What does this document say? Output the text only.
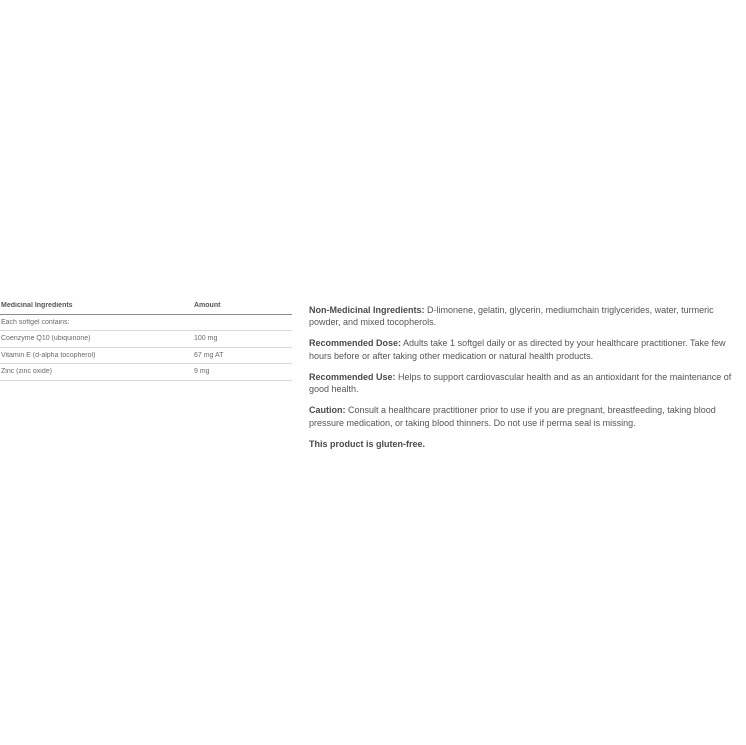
Medicinal Ingredients	Amount
Each softgel contains:
Coenzyme Q10 (ubiquinone)	100 mg
Vitamin E (d-alpha tocopherol)	67 mg AT
Zinc (zinc oxide)	9 mg

Non-Medicinal Ingredients: D-limonene, gelatin, glycerin, mediumchain triglycerides, water, turmeric powder, and mixed tocopherols.

Recommended Dose: Adults take 1 softgel daily or as directed by your healthcare practitioner. Take few hours before or after taking other medication or natural health products.

Recommended Use: Helps to support cardiovascular health and as an antioxidant for the maintenance of good health.

Caution: Consult a healthcare practitioner prior to use if you are pregnant, breastfeeding, taking blood pressure medication, or taking blood thinners. Do not use if perma seal is missing.

This product is gluten-free.
